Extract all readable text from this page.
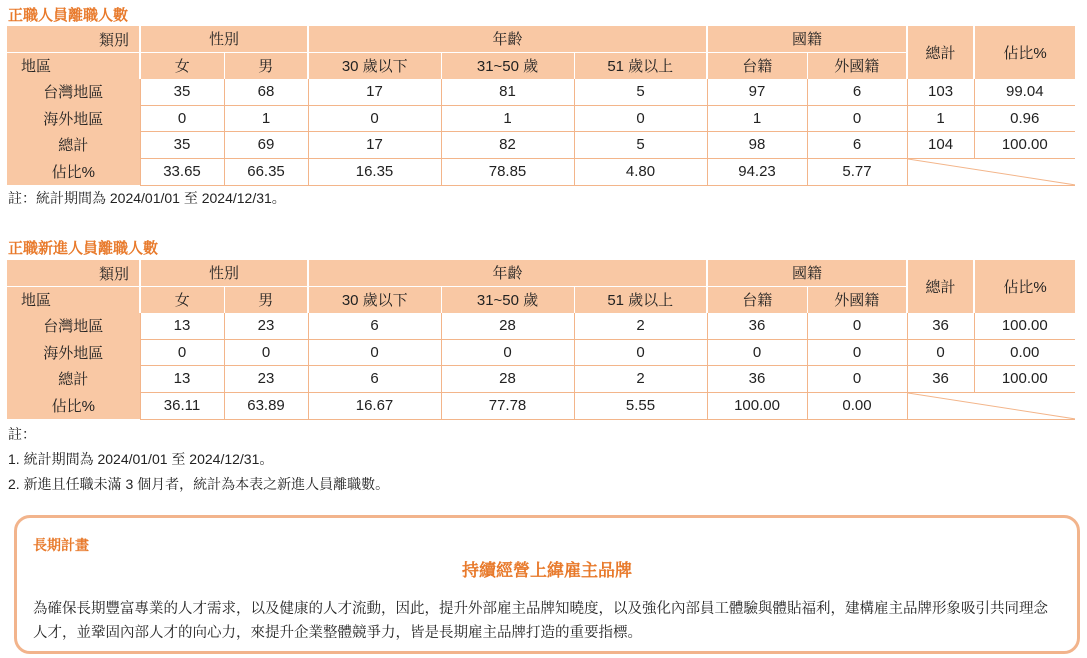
正職人員離職人數
類別	性別		年齡			國籍		總計	佔比%

地區	女	男	30 歲以下	31~50 歲	51 歲以上	台籍	外國籍		
台灣地區	35	68	17	81	5	97	6	103	99.04
海外地區	0	1	0	1	0	1	0	1	0.96
總計	35	69	17	82	5	98	6	104	100.00
佔比%	33.65	66.35	16.35	78.85	4.80	94.23	5.77	
註：統計期間為 2024/01/01 至 2024/12/31。
正職新進人員離職人數
類別	性別		年齡			國籍		總計	佔比%

地區	女	男	30 歲以下	31~50 歲	51 歲以上	台籍	外國籍		
台灣地區	13	23	6	28	2	36	0	36	100.00
海外地區	0	0	0	0	0	0	0	0	0.00
總計	13	23	6	28	2	36	0	36	100.00
佔比%	36.11	63.89	16.67	77.78	5.55	100.00	0.00	
註：
1. 統計期間為 2024/01/01 至 2024/12/31。
2. 新進且任職未滿 3 個月者，統計為本表之新進人員離職數。
長期計畫
持續經營上緯雇主品牌
為確保長期豐富專業的人才需求，以及健康的人才流動，因此，提升外部雇主品牌知曉度，以及強化內部員工體驗與體貼福利，建構雇主品牌形象吸引共同理念人才，並鞏固內部人才的向心力，來提升企業整體競爭力，皆是長期雇主品牌打造的重要指標。
